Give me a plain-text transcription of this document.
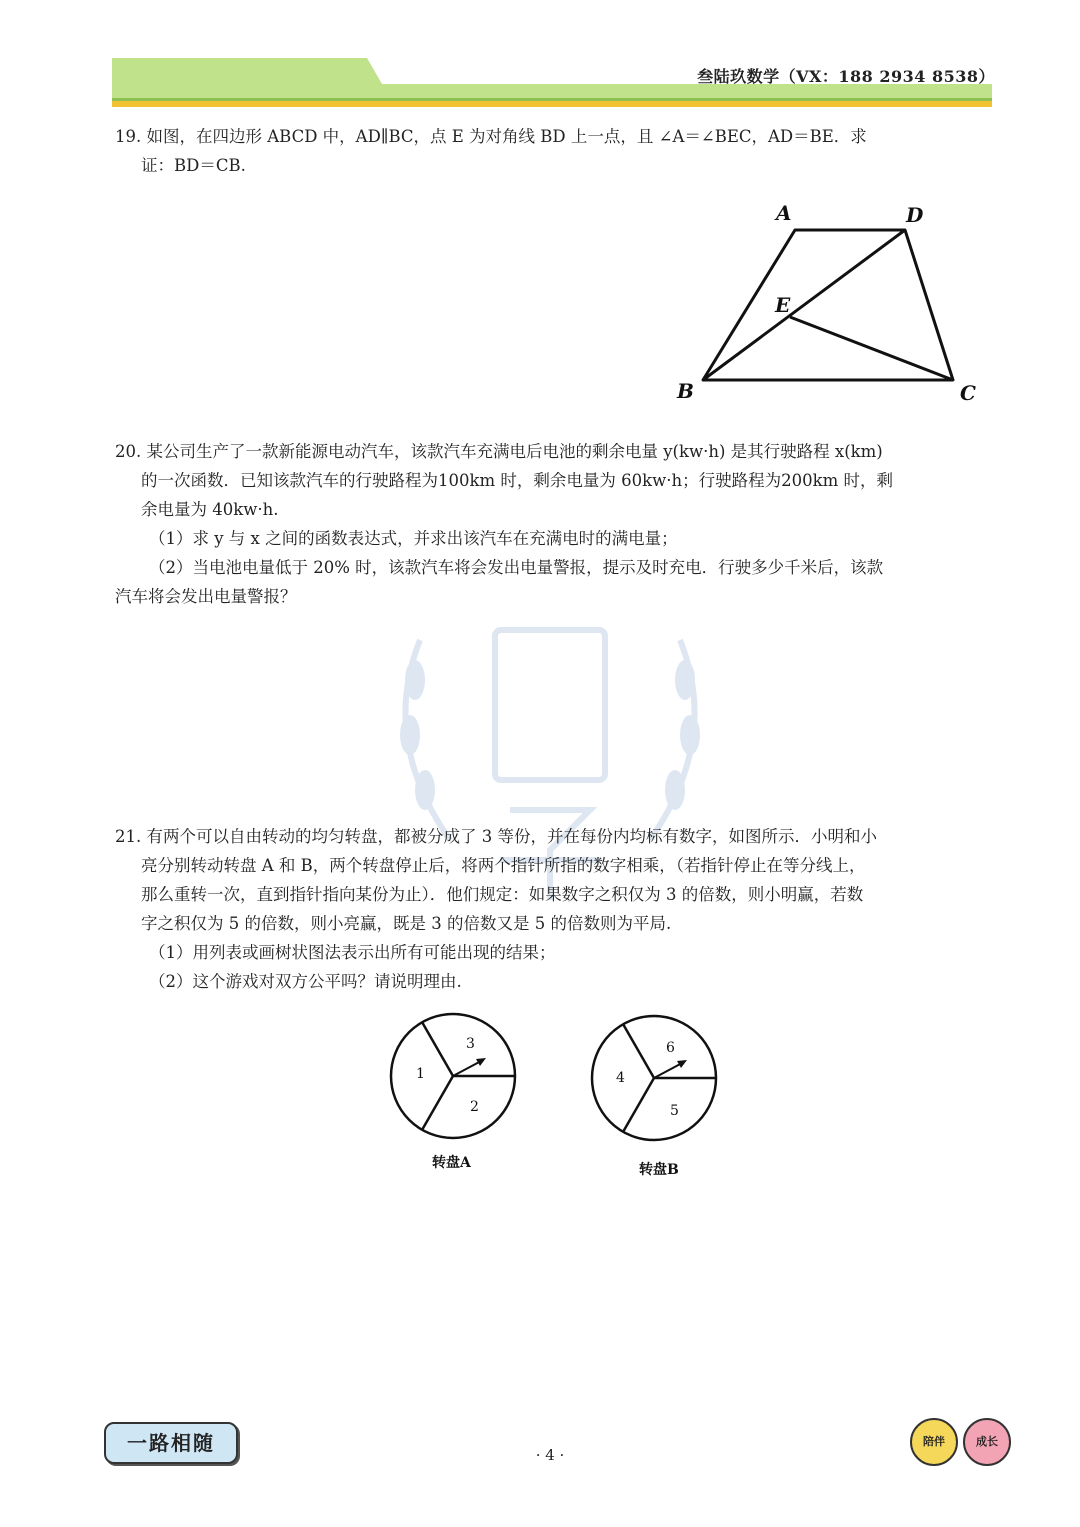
叁陆玖数学（VX：188 2934 8538）

19. 如图，在四边形 ABCD 中，AD∥BC，点 E 为对角线 BD 上一点，且 ∠A＝∠BEC，AD＝BE．求

证：BD＝CB.

A	D
E
B	C

20. 某公司生产了一款新能源电动汽车，该款汽车充满电后电池的剩余电量 y(kw·h) 是其行驶路程 x(km)

的一次函数．已知该款汽车的行驶路程为100km 时，剩余电量为 60kw·h；行驶路程为200km 时，剩

余电量为 40kw·h.

（1）求 y 与 x 之间的函数表达式，并求出该汽车在充满电时的满电量；

（2）当电池电量低于 20% 时，该款汽车将会发出电量警报，提示及时充电．行驶多少千米后，该款

汽车将会发出电量警报？

21. 有两个可以自由转动的均匀转盘，都被分成了 3 等份，并在每份内均标有数字，如图所示．小明和小

亮分别转动转盘 A 和 B，两个转盘停止后，将两个指针所指的数字相乘，（若指针停止在等分线上，

那么重转一次，直到指针指向某份为止）．他们规定：如果数字之积仅为 3 的倍数，则小明赢，若数

字之积仅为 5 的倍数，则小亮赢，既是 3 的倍数又是 5 的倍数则为平局.

（1）用列表或画树状图法表示出所有可能出现的结果；

（2）这个游戏对双方公平吗？请说明理由.

3
1
2
转盘A
6
4
5
转盘B
一路相随	· 4 ·
陪伴	成长
